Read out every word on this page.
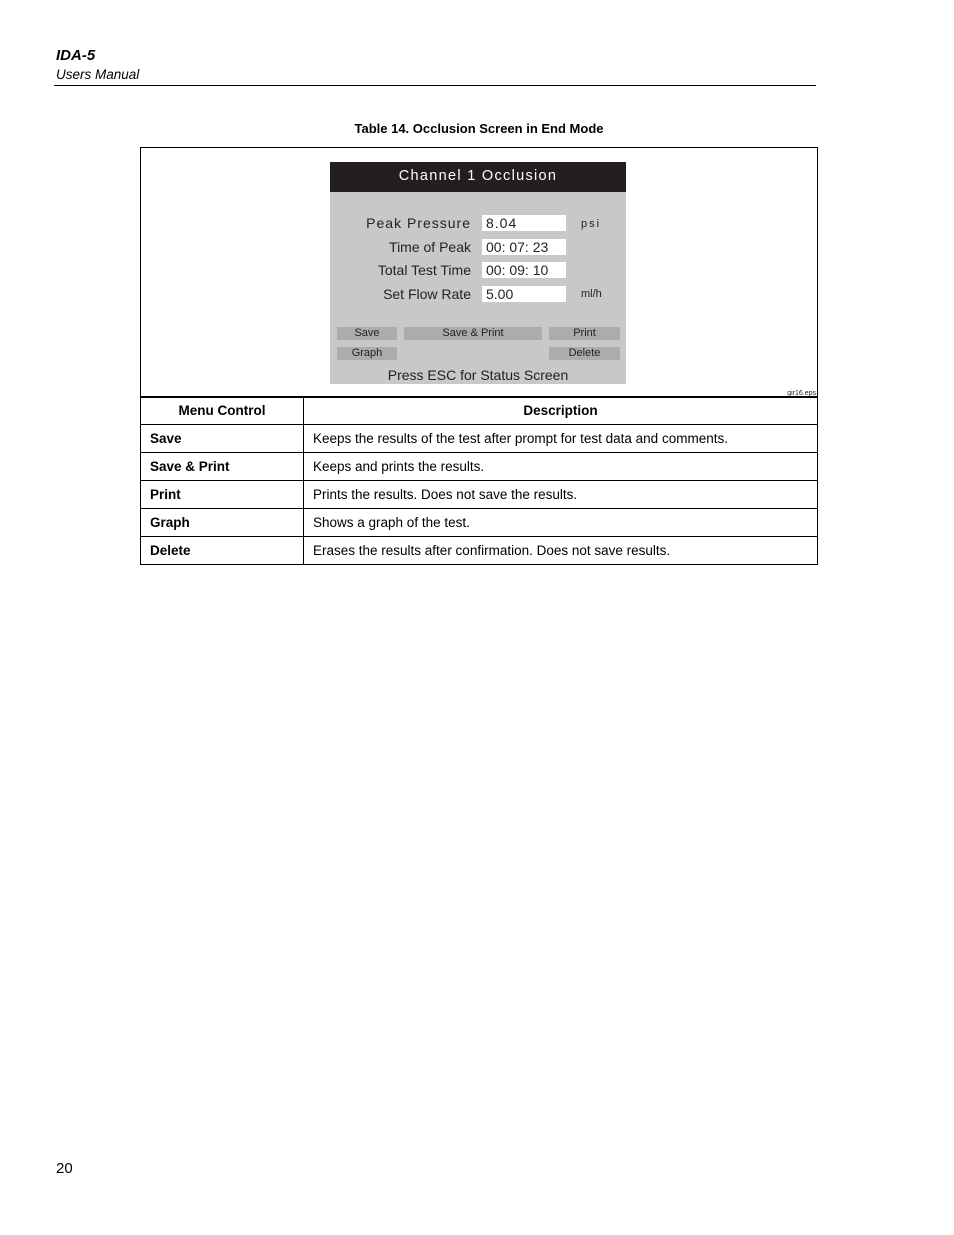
IDA-5
Users Manual
Table 14. Occlusion Screen in End Mode
Channel 1 Occlusion
Peak Pressure 8.04	psi
Time of Peak 00: 07: 23
Total Test Time 00: 09: 10
Set Flow Rate 5.00	ml/h
Save	Save & Print	Print
Graph	Delete
Press ESC for Status Screen
gir16.eps
Menu Control	Description
Save	Keeps the results of the test after prompt for test data and comments.
Save & Print	Keeps and prints the results.
Print	Prints the results. Does not save the results.
Graph	Shows a graph of the test.
Delete	Erases the results after confirmation. Does not save results.
20
